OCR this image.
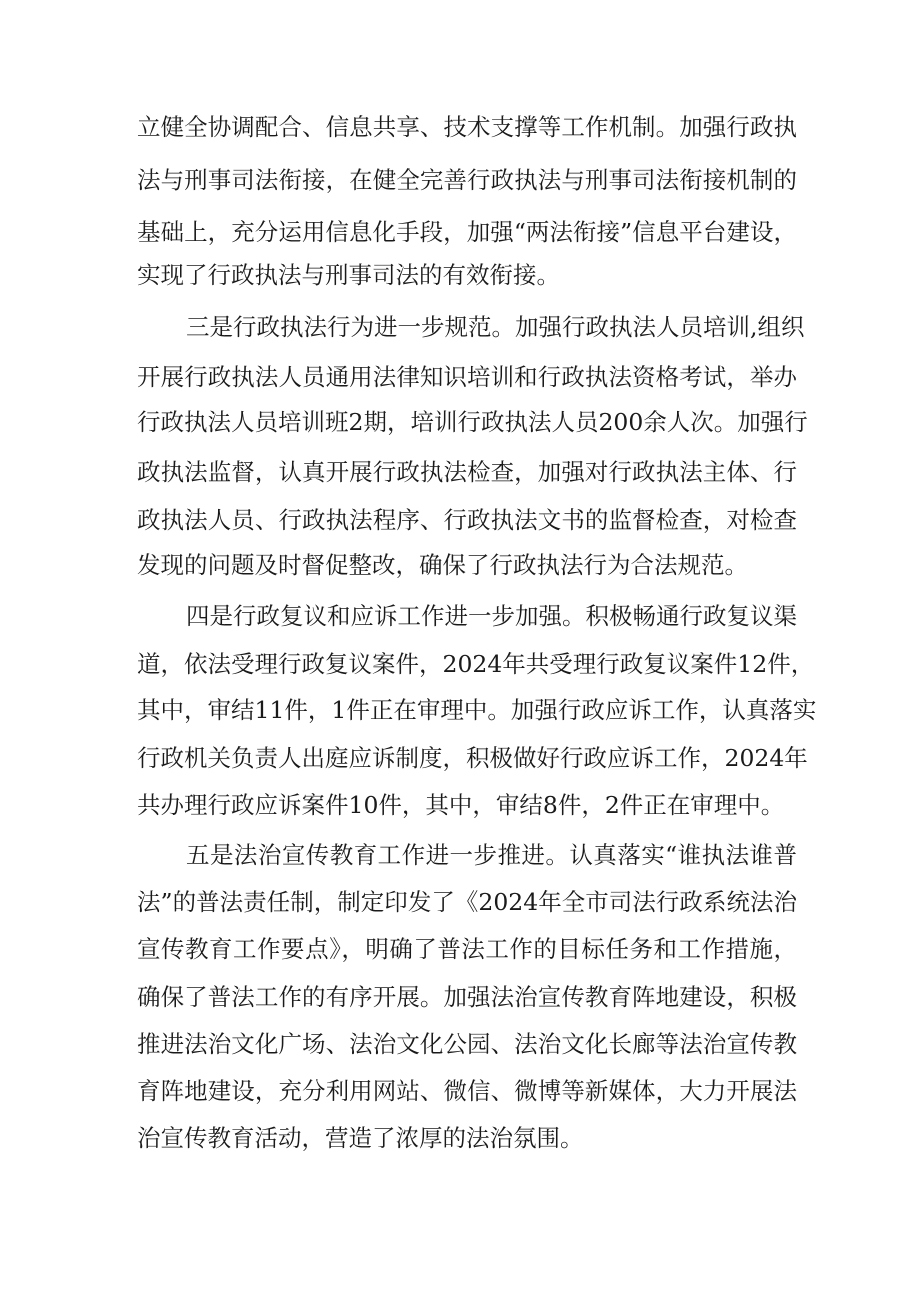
立健全协调配合、信息共享、技术支撑等工作机制。加强行政执
法与刑事司法衔接，在健全完善行政执法与刑事司法衔接机制的
基础上，充分运用信息化手段，加强“两法衔接”信息平台建设，
实现了行政执法与刑事司法的有效衔接。
三是行政执法行为进一步规范。加强行政执法人员培训,组织
开展行政执法人员通用法律知识培训和行政执法资格考试，举办
行政执法人员培训班2期，培训行政执法人员200余人次。加强行
政执法监督，认真开展行政执法检查，加强对行政执法主体、行
政执法人员、行政执法程序、行政执法文书的监督检查，对检查
发现的问题及时督促整改，确保了行政执法行为合法规范。
四是行政复议和应诉工作进一步加强。积极畅通行政复议渠
道，依法受理行政复议案件，2024年共受理行政复议案件12件，
其中，审结11件，1件正在审理中。加强行政应诉工作，认真落实
行政机关负责人出庭应诉制度，积极做好行政应诉工作，2024年
共办理行政应诉案件10件，其中，审结8件，2件正在审理中。
五是法治宣传教育工作进一步推进。认真落实“谁执法谁普
法”的普法责任制，制定印发了《2024年全市司法行政系统法治
宣传教育工作要点》，明确了普法工作的目标任务和工作措施，
确保了普法工作的有序开展。加强法治宣传教育阵地建设，积极
推进法治文化广场、法治文化公园、法治文化长廊等法治宣传教
育阵地建设，充分利用网站、微信、微博等新媒体，大力开展法
治宣传教育活动，营造了浓厚的法治氛围。
